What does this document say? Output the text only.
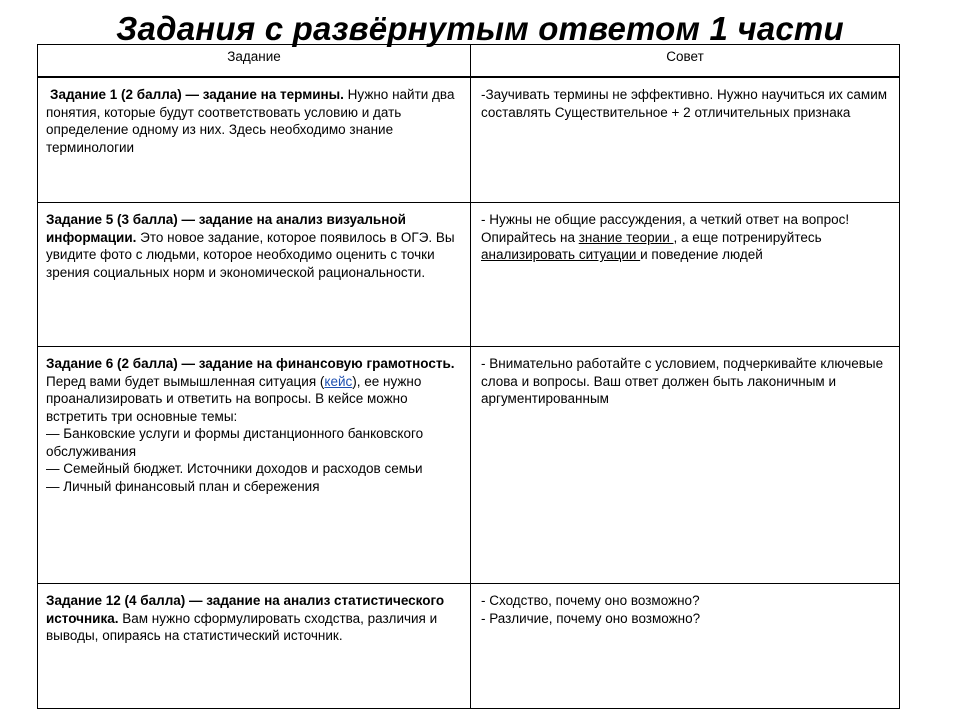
Задания с развёрнутым ответом 1 части
Задание	Совет
Задание 1 (2 балла) — задание на термины. Нужно найти два понятия, которые будут соответствовать условию и дать определение одному из них. Здесь необходимо знание терминологии	-Заучивать термины не эффективно. Нужно научиться их самим составлять Существительное + 2 отличительных признака
Задание 5 (3 балла) — задание на анализ визуальной информации. Это новое задание, которое появилось в ОГЭ. Вы увидите фото с людьми, которое необходимо оценить с точки зрения социальных норм и экономической рациональности.	- Нужны не общие рассуждения, а четкий ответ на вопрос! Опирайтесь на знание теории , а еще потренируйтесь анализировать ситуации и поведение людей
Задание 6 (2 балла) — задание на финансовую грамотность. Перед вами будет вымышленная ситуация (кейс), ее нужно проанализировать и ответить на вопросы. В кейсе можно встретить три основные темы:
— Банковские услуги и формы дистанционного банковского обслуживания
— Семейный бюджет. Источники доходов и расходов семьи
— Личный финансовый план и сбережения	- Внимательно работайте с условием, подчеркивайте ключевые слова и вопросы. Ваш ответ должен быть лаконичным и аргументированным
Задание 12 (4 балла) — задание на анализ статистического источника. Вам нужно сформулировать сходства, различия и выводы, опираясь на статистический источник.	- Сходство, почему оно возможно?
- Различие, почему оно возможно?
